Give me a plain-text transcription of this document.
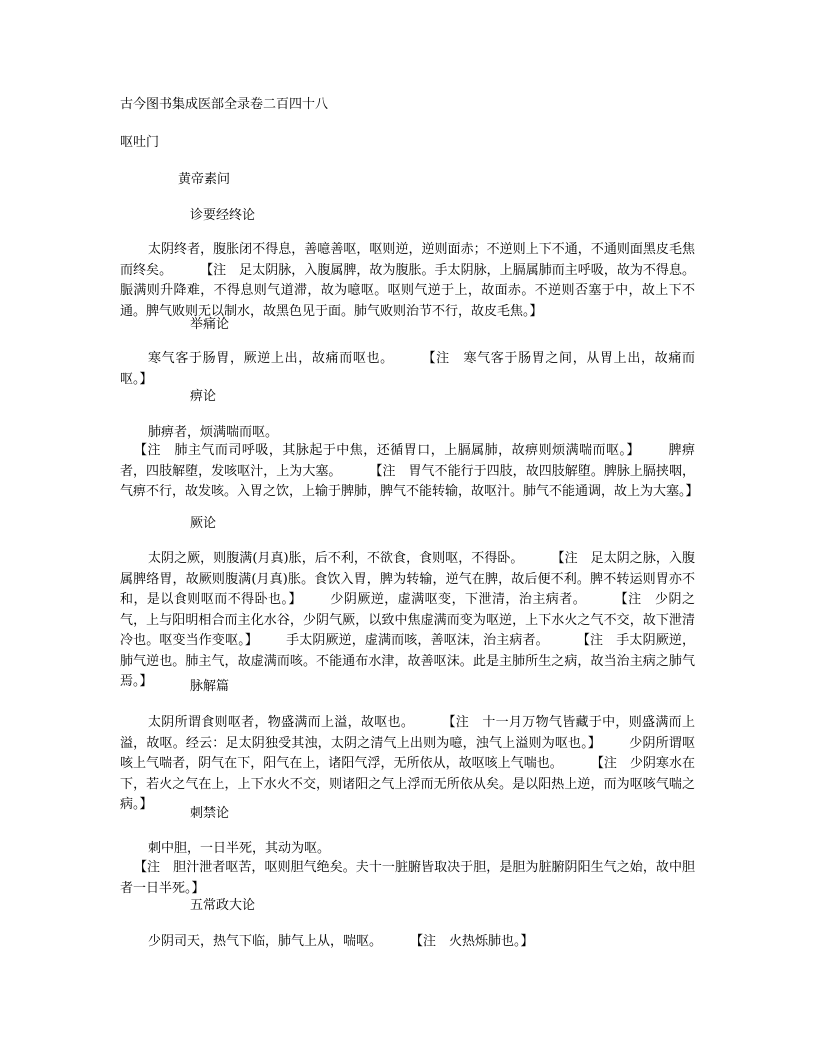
古今图书集成医部全录卷二百四十八
呕吐门
黄帝素问
诊要经终论
太阴终者，腹胀闭不得息，善噫善呕，呕则逆，逆则面赤；不逆则上下不通，不通则面黑皮毛焦而终矣。 【注　足太阴脉，入腹属脾，故为腹胀。手太阴脉，上膈属肺而主呼吸，故为不得息。脤满则升降难，不得息则气道滞，故为噫呕。呕则气逆于上，故面赤。不逆则否塞于中，故上下不通。脾气败则无以制水，故黑色见于面。肺气败则治节不行，故皮毛焦。】
举痛论
寒气客于肠胃，厥逆上出，故痛而呕也。 【注　寒气客于肠胃之间，从胃上出，故痛而呕。】
痹论
肺痹者，烦满喘而呕。
【注　肺主气而司呼吸，其脉起于中焦，还循胃口，上膈属肺，故痹则烦满喘而呕。】 脾痹者，四肢解堕，发咳呕汁，上为大塞。 【注　胃气不能行于四肢，故四肢解堕。脾脉上膈挟咽，气痹不行，故发咳。入胃之饮，上输于脾肺，脾气不能转输，故呕汁。肺气不能通调，故上为大塞。】
厥论
太阴之厥，则腹满(月真)胀，后不利，不欲食，食则呕，不得卧。 【注　足太阴之脉，入腹属脾络胃，故厥则腹满(月真)胀。食饮入胃，脾为转输，逆气在脾，故后便不利。脾不转运则胃亦不和，是以食则呕而不得卧也。】 少阴厥逆，虚满呕变，下泄清，治主病者。 【注　少阴之气，上与阳明相合而主化水谷，少阴气厥，以致中焦虚满而变为呕逆，上下水火之气不交，故下泄清冷也。呕变当作变呕。】 手太阴厥逆，虚满而咳，善呕沫，治主病者。 【注　手太阴厥逆，肺气逆也。肺主气，故虚满而咳。不能通布水津，故善呕沫。此是主肺所生之病，故当治主病之肺气焉。】	脉解篇
太阴所谓食则呕者，物盛满而上溢，故呕也。 【注　十一月万物气皆藏于中，则盛满而上溢，故呕。经云：足太阴独受其浊，太阴之清气上出则为噫，浊气上溢则为呕也。】 少阴所谓呕咳上气喘者，阴气在下，阳气在上，诸阳气浮，无所依从，故呕咳上气喘也。 【注　少阴寒水在下，若火之气在上，上下水火不交，则诸阳之气上浮而无所依从矣。是以阳热上逆，而为呕咳气喘之病。】
刺禁论
刺中胆，一日半死，其动为呕。
【注　胆汁泄者呕苦，呕则胆气绝矣。夫十一脏腑皆取决于胆，是胆为脏腑阴阳生气之始，故中胆者一日半死。】
五常政大论
少阴司天，热气下临，肺气上从，喘呕。 【注　火热烁肺也。】
